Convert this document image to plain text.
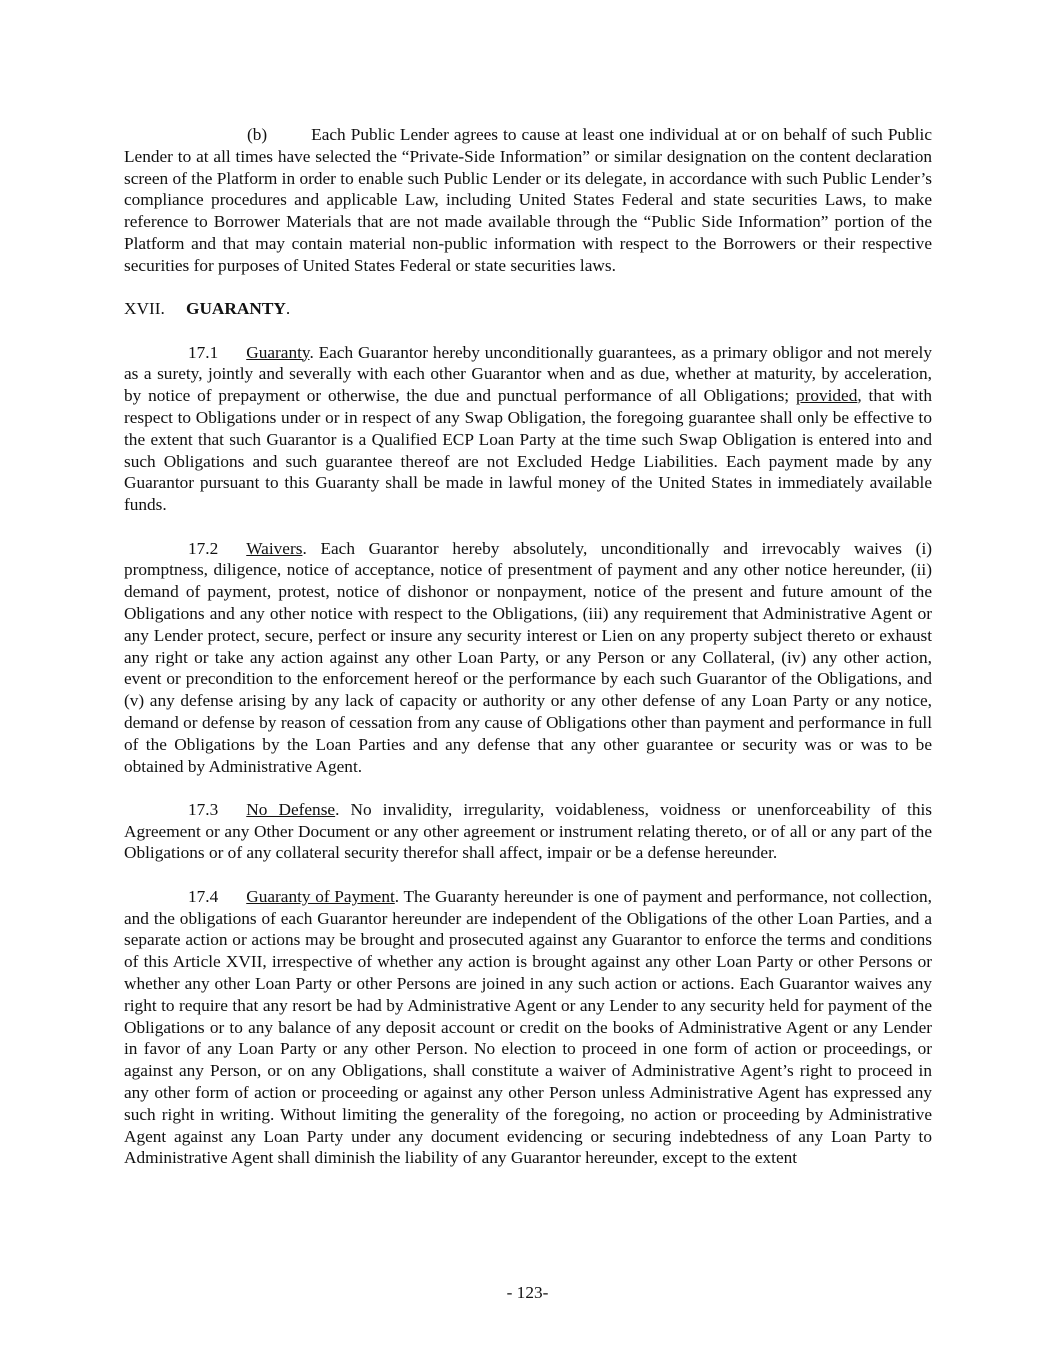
(b)	Each Public Lender agrees to cause at least one individual at or on behalf of such Public Lender to at all times have selected the “Private-Side Information” or similar designation on the content declaration screen of the Platform in order to enable such Public Lender or its delegate, in accordance with such Public Lender’s compliance procedures and applicable Law, including United States Federal and state securities Laws, to make reference to Borrower Materials that are not made available through the “Public Side Information” portion of the Platform and that may contain material non-public information with respect to the Borrowers or their respective securities for purposes of United States Federal or state securities laws.

XVII. GUARANTY.

17.1 Guaranty. Each Guarantor hereby unconditionally guarantees, as a primary obligor and not merely as a surety, jointly and severally with each other Guarantor when and as due, whether at maturity, by acceleration, by notice of prepayment or otherwise, the due and punctual performance of all Obligations; provided, that with respect to Obligations under or in respect of any Swap Obligation, the foregoing guarantee shall only be effective to the extent that such Guarantor is a Qualified ECP Loan Party at the time such Swap Obligation is entered into and such Obligations and such guarantee thereof are not Excluded Hedge Liabilities. Each payment made by any Guarantor pursuant to this Guaranty shall be made in lawful money of the United States in immediately available funds.

17.2 Waivers. Each Guarantor hereby absolutely, unconditionally and irrevocably waives (i) promptness, diligence, notice of acceptance, notice of presentment of payment and any other notice hereunder, (ii) demand of payment, protest, notice of dishonor or nonpayment, notice of the present and future amount of the Obligations and any other notice with respect to the Obligations, (iii) any requirement that Administrative Agent or any Lender protect, secure, perfect or insure any security interest or Lien on any property subject thereto or exhaust any right or take any action against any other Loan Party, or any Person or any Collateral, (iv) any other action, event or precondition to the enforcement hereof or the performance by each such Guarantor of the Obligations, and (v) any defense arising by any lack of capacity or authority or any other defense of any Loan Party or any notice, demand or defense by reason of cessation from any cause of Obligations other than payment and performance in full of the Obligations by the Loan Parties and any defense that any other guarantee or security was or was to be obtained by Administrative Agent.

17.3 No Defense. No invalidity, irregularity, voidableness, voidness or unenforceability of this Agreement or any Other Document or any other agreement or instrument relating thereto, or of all or any part of the Obligations or of any collateral security therefor shall affect, impair or be a defense hereunder.

17.4 Guaranty of Payment. The Guaranty hereunder is one of payment and performance, not collection, and the obligations of each Guarantor hereunder are independent of the Obligations of the other Loan Parties, and a separate action or actions may be brought and prosecuted against any Guarantor to enforce the terms and conditions of this Article XVII, irrespective of whether any action is brought against any other Loan Party or other Persons or whether any other Loan Party or other Persons are joined in any such action or actions. Each Guarantor waives any right to require that any resort be had by Administrative Agent or any Lender to any security held for payment of the Obligations or to any balance of any deposit account or credit on the books of Administrative Agent or any Lender in favor of any Loan Party or any other Person. No election to proceed in one form of action or proceedings, or against any Person, or on any Obligations, shall constitute a waiver of Administrative Agent’s right to proceed in any other form of action or proceeding or against any other Person unless Administrative Agent has expressed any such right in writing. Without limiting the generality of the foregoing, no action or proceeding by Administrative Agent against any Loan Party under any document evidencing or securing indebtedness of any Loan Party to Administrative Agent shall diminish the liability of any Guarantor hereunder, except to the extent

- 123-
